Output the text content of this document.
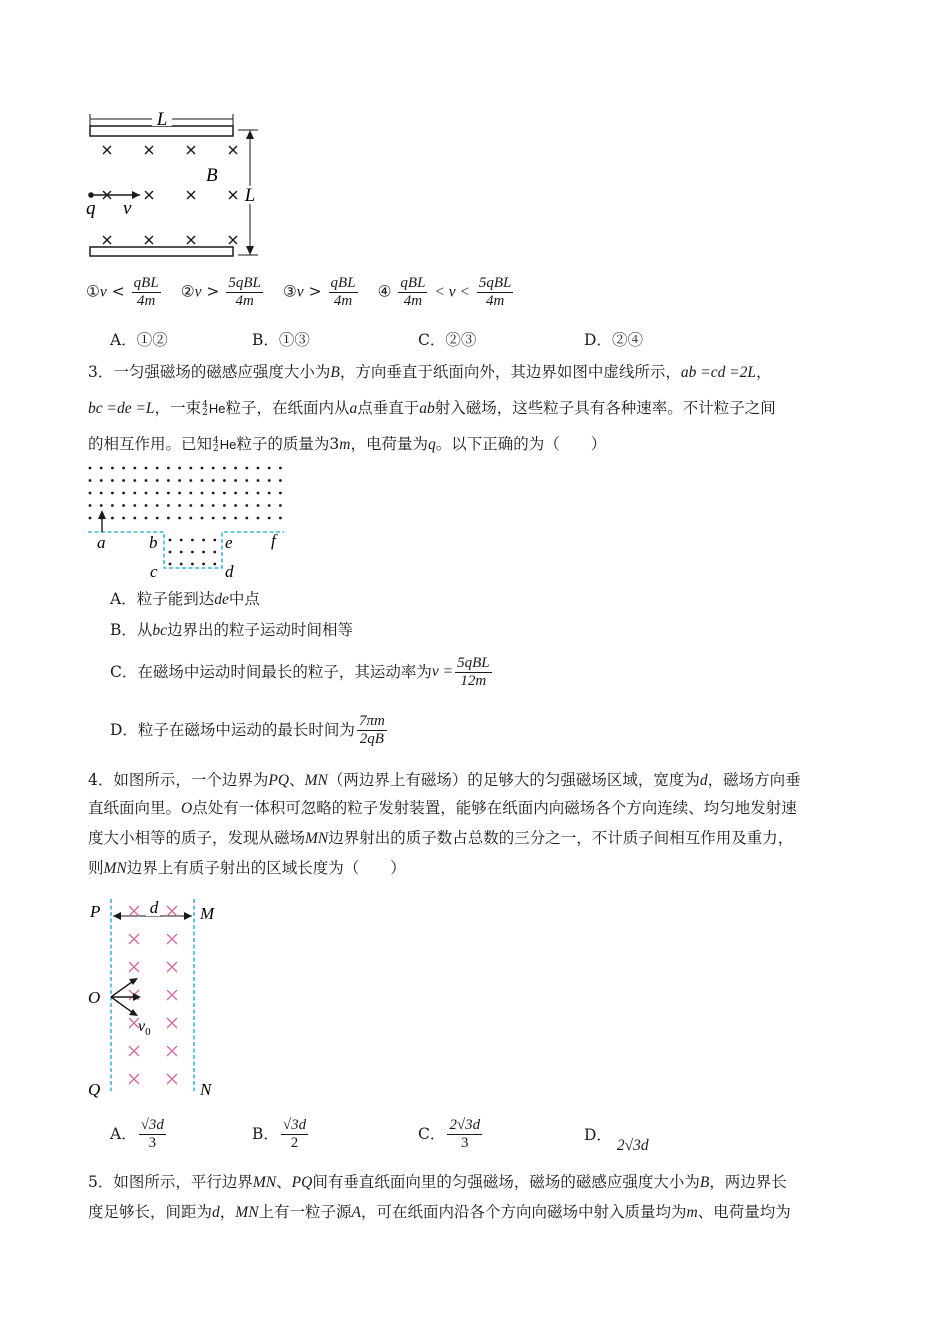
L
L
B
q v
①v < $\frac{\text{qBL}}{4m}$ ②v > $\frac{\text{5qBL}}{4m}$ ③v > $\frac{\text{qBL}}{4m}$ ④ $\frac{\text{qBL}}{4m} < v < \frac{\text{5qBL}}{4m}$
A．①②	B．①③	C．②③	D．②④
3．一匀强磁场的磁感应强度大小为B，方向垂直于纸面向外，其边界如图中虚线所示，ab =cd =2L，
bc =de =L，一束 4
2 He粒子，在纸面内从a点垂直于ab射入磁场，这些粒子具有各种速率。不计粒子之间
的相互作用。已知 4
2 He粒子的质量为3m，电荷量为q。以下正确的为（　　）
a	b	e f
c	d
A．粒子能到达de中点
B．从bc边界出的粒子运动时间相等
C．在磁场中运动时间最长的粒子，其运动率为 $v = \frac{\text{5qBL}}{12m}$
D．粒子在磁场中运动的最长时间为 $\frac{7\pi m}{2qB}$
4．如图所示，一个边界为PQ、MN（两边界上有磁场）的足够大的匀强磁场区域，宽度为d，磁场方向垂
直纸面向里。O点处有一体积可忽略的粒子发射装置，能够在纸面内向磁场各个方向连续、均匀地发射速
度大小相等的质子，发现从磁场MN边界射出的质子数占总数的三分之一，不计质子间相互作用及重力，
则MN边界上有质子射出的区域长度为（　　）
d
P	M
O
$v_0$
Q	N
A． $\frac{√3d}{3}$	B． $\frac{√3d}{2}$	C． $\frac{2√3d}{3}$	D． 2√3d
5．如图所示，平行边界MN、PQ间有垂直纸面向里的匀强磁场，磁场的磁感应强度大小为B，两边界长
度足够长，间距为d，MN上有一粒子源A，可在纸面内沿各个方向向磁场中射入质量均为m、电荷量均为
